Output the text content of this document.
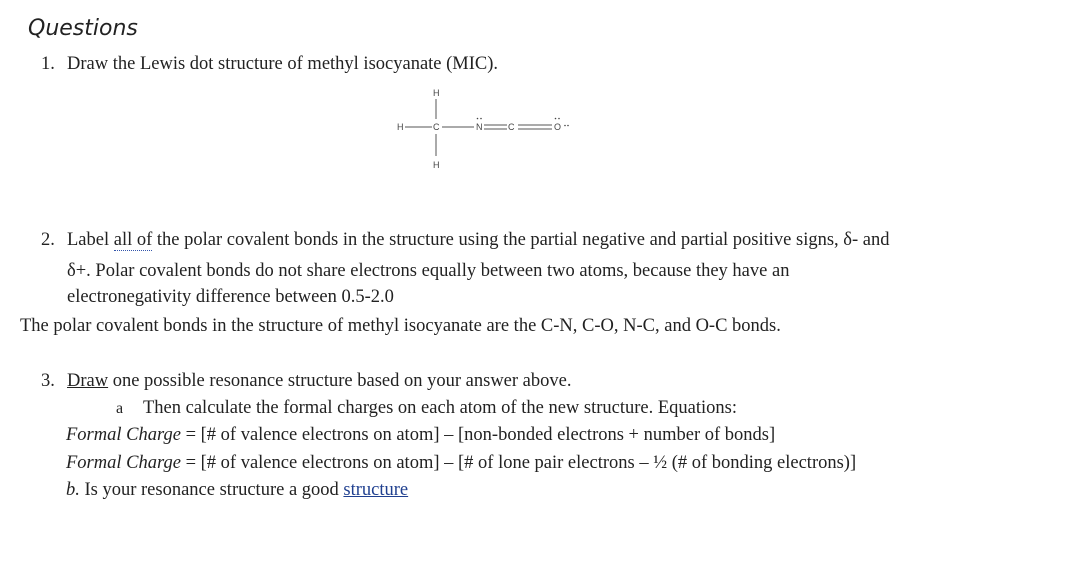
Questions
1. Draw the Lewis dot structure of methyl isocyanate (MIC).
H
H	C
H
N	C	O
2. Label all of the polar covalent bonds in the structure using the partial negative and partial positive signs, δ- and
δ+. Polar covalent bonds do not share electrons equally between two atoms, because they have an
electronegativity difference between 0.5-2.0
The polar covalent bonds in the structure of methyl isocyanate are the C-N, C-O, N-C, and O-C bonds.
3. Draw one possible resonance structure based on your answer above.
a Then calculate the formal charges on each atom of the new structure. Equations:
Formal Charge = [# of valence electrons on atom] – [non-bonded electrons + number of bonds]
Formal Charge = [# of valence electrons on atom] – [# of lone pair electrons – ½ (# of bonding electrons)]
b. Is your resonance structure a good structure
